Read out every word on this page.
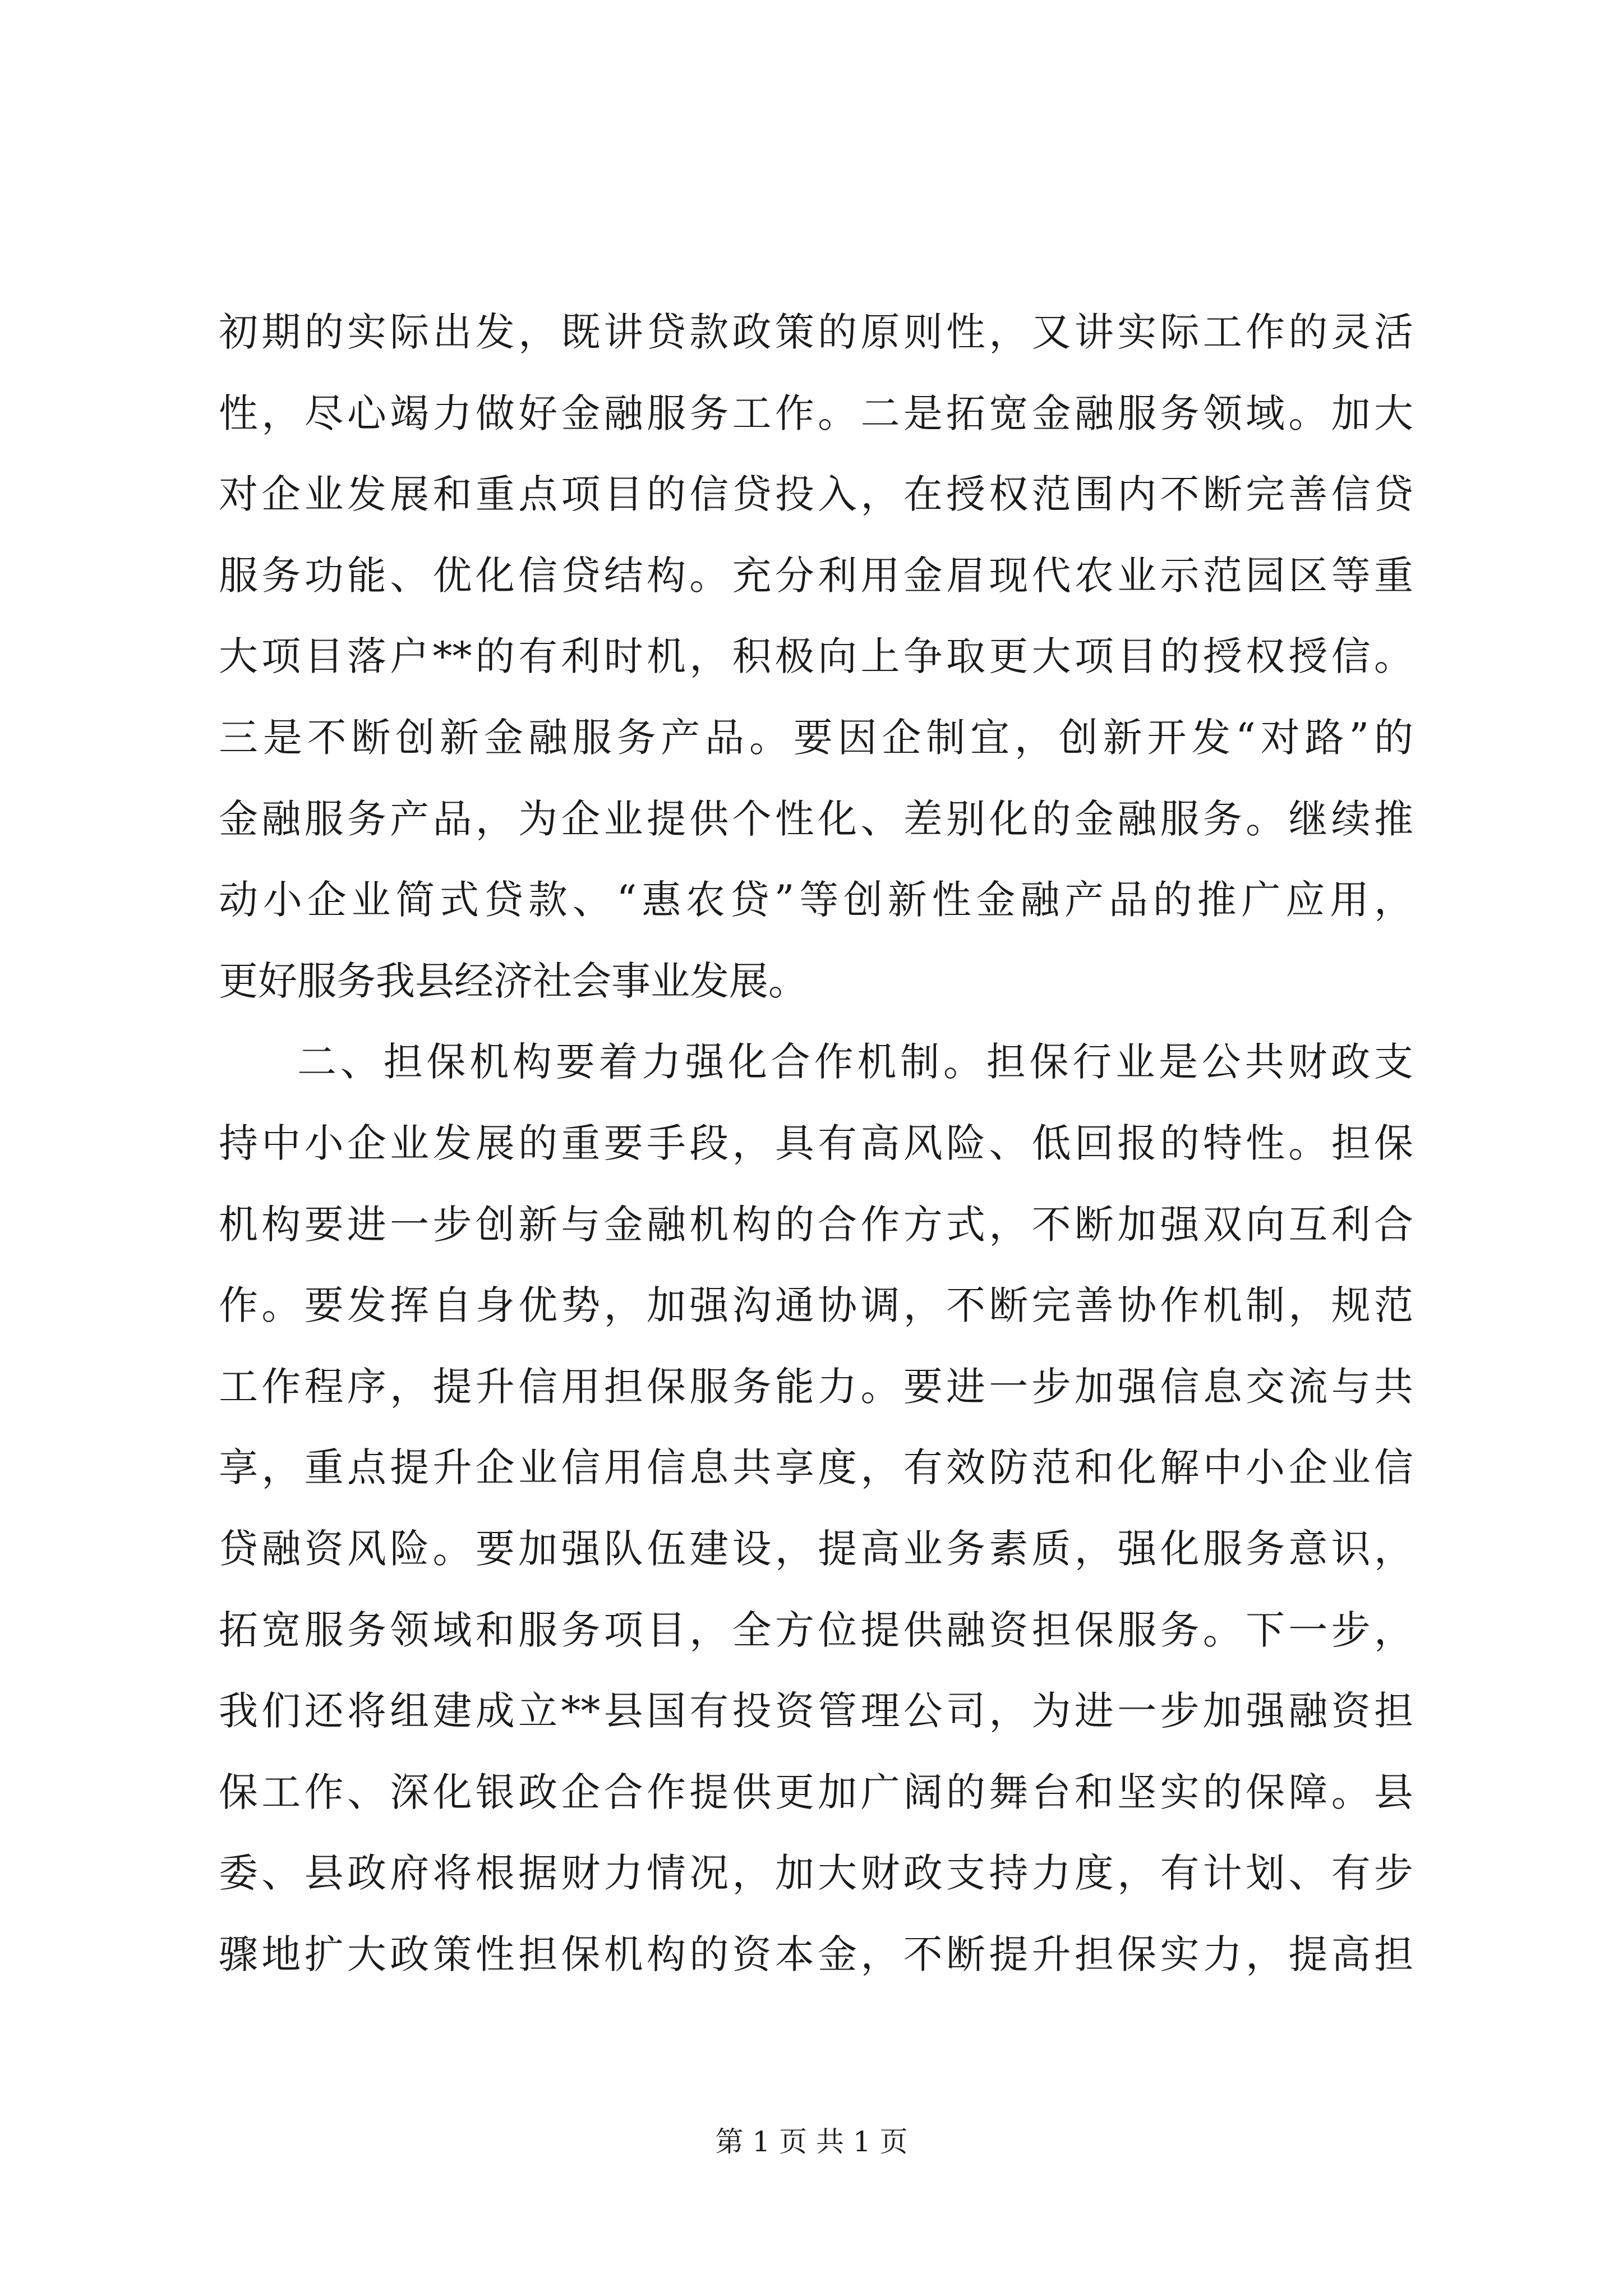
初期的实际出发，既讲贷款政策的原则性，又讲实际工作的灵活
性，尽心竭力做好金融服务工作。二是拓宽金融服务领域。加大
对企业发展和重点项目的信贷投入，在授权范围内不断完善信贷
服务功能、优化信贷结构。充分利用金眉现代农业示范园区等重
大项目落户**的有利时机，积极向上争取更大项目的授权授信。
三是不断创新金融服务产品。要因企制宜，创新开发“对路”的
金融服务产品，为企业提供个性化、差别化的金融服务。继续推
动小企业简式贷款、“惠农贷”等创新性金融产品的推广应用，
更好服务我县经济社会事业发展。
二、担保机构要着力强化合作机制。担保行业是公共财政支
持中小企业发展的重要手段，具有高风险、低回报的特性。担保
机构要进一步创新与金融机构的合作方式，不断加强双向互利合
作。要发挥自身优势，加强沟通协调，不断完善协作机制，规范
工作程序，提升信用担保服务能力。要进一步加强信息交流与共
享，重点提升企业信用信息共享度，有效防范和化解中小企业信
贷融资风险。要加强队伍建设，提高业务素质，强化服务意识，
拓宽服务领域和服务项目，全方位提供融资担保服务。下一步，
我们还将组建成立**县国有投资管理公司，为进一步加强融资担
保工作、深化银政企合作提供更加广阔的舞台和坚实的保障。县
委、县政府将根据财力情况，加大财政支持力度，有计划、有步
骤地扩大政策性担保机构的资本金，不断提升担保实力，提高担
第 1 页 共 1 页
